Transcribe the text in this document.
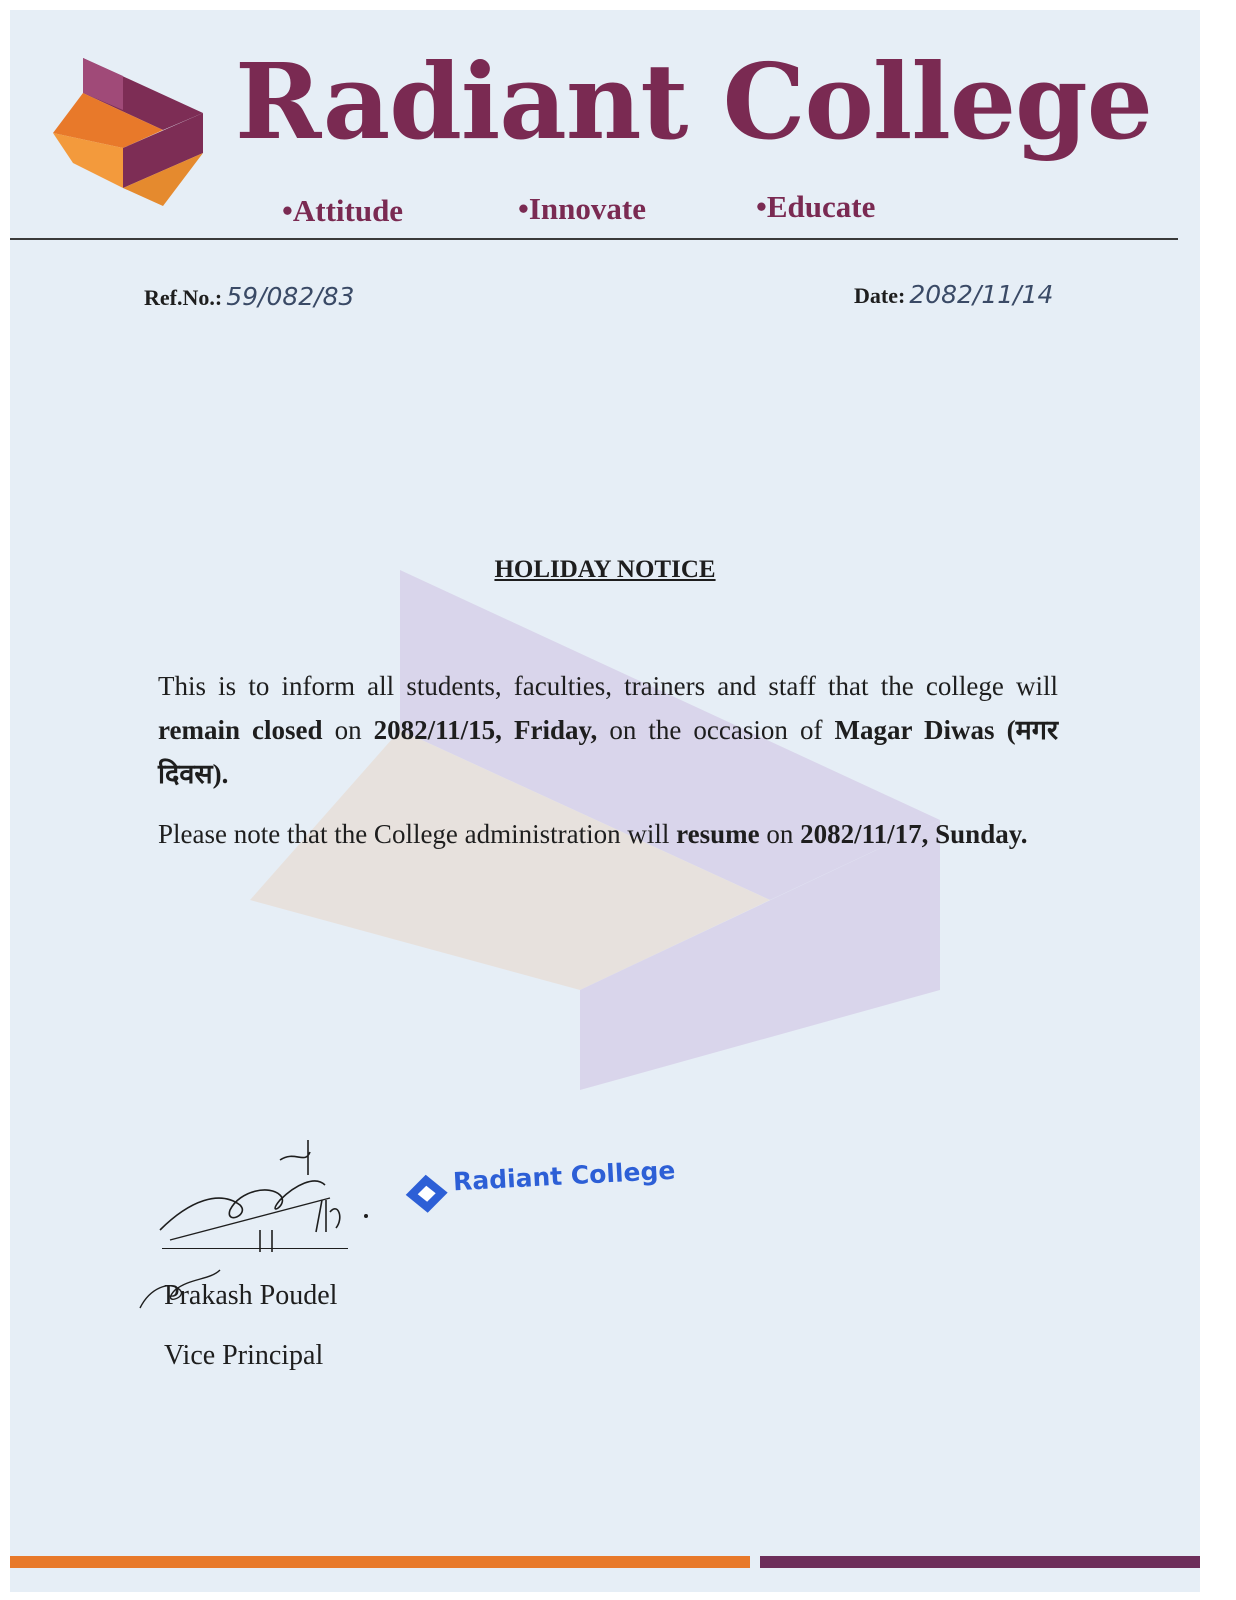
Radiant College
•Attitude	•Innovate	•Educate
Ref.No.: 59/082/83	Date: 2082/11/14
HOLIDAY NOTICE

This is to inform all students, faculties, trainers and staff that the college will remain closed on 2082/11/15, Friday, on the occasion of Magar Diwas (मगर दिवस).

Please note that the College administration will resume on 2082/11/17, Sunday.

Prakash Poudel
Vice Principal
Radiant College
